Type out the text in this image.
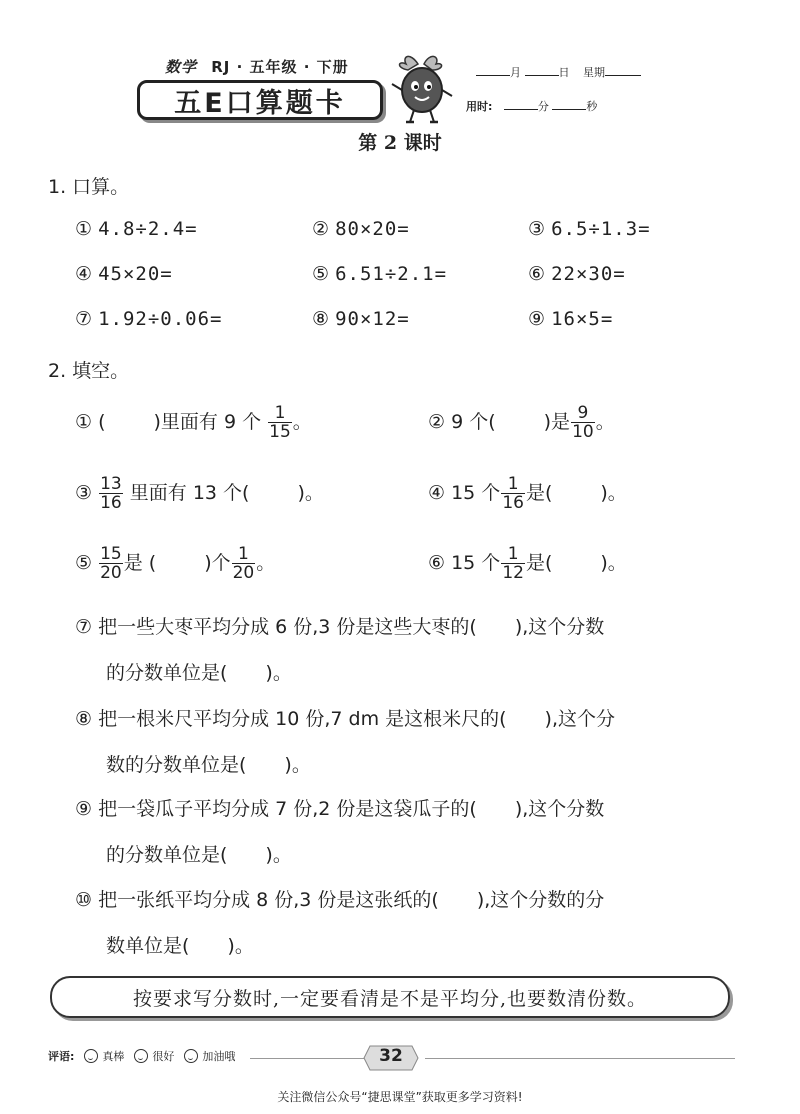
数学 RJ · 五年级 · 下册
五E口算题卡
月	日 星期
用时:	分	秒
第 2 课时
1. 口算。
① 4.8÷2.4=	② 80×20=	③ 6.5÷1.3=
④ 45×20=	⑤ 6.51÷2.1=	⑥ 22×30=
⑦ 1.92÷0.06=	⑧ 90×12=	⑨ 16×5=
2. 填空。
① (	)里面有 9 个 $\frac{1}{15}$ 。	② 9 个(	)是 $\frac{9}{10}$ 。
③ $\frac{13}{16}$ 里面有 13 个(	)。	④ 15 个 $\frac{1}{16}$ 是(	)。
⑤ $\frac{15}{20}$ 是 (	)个 $\frac{1}{20}$ 。	⑥ 15 个 $\frac{1}{12}$ 是(	)。
⑦ 把一些大枣平均分成 6 份,3 份是这些大枣的(　　),这个分数
的分数单位是(　　)。
⑧ 把一根米尺平均分成 10 份,7 dm 是这根米尺的(　　),这个分
数的分数单位是(　　)。
⑨ 把一袋瓜子平均分成 7 份,2 份是这袋瓜子的(　　),这个分数
的分数单位是(　　)。
⑩ 把一张纸平均分成 8 份,3 份是这张纸的(　　),这个分数的分
数单位是(　　)。
按要求写分数时,一定要看清是不是平均分,也要数清份数。
评语:	真棒	很好	加油哦	32
关注微信公众号“捷思课堂”获取更多学习资料!
